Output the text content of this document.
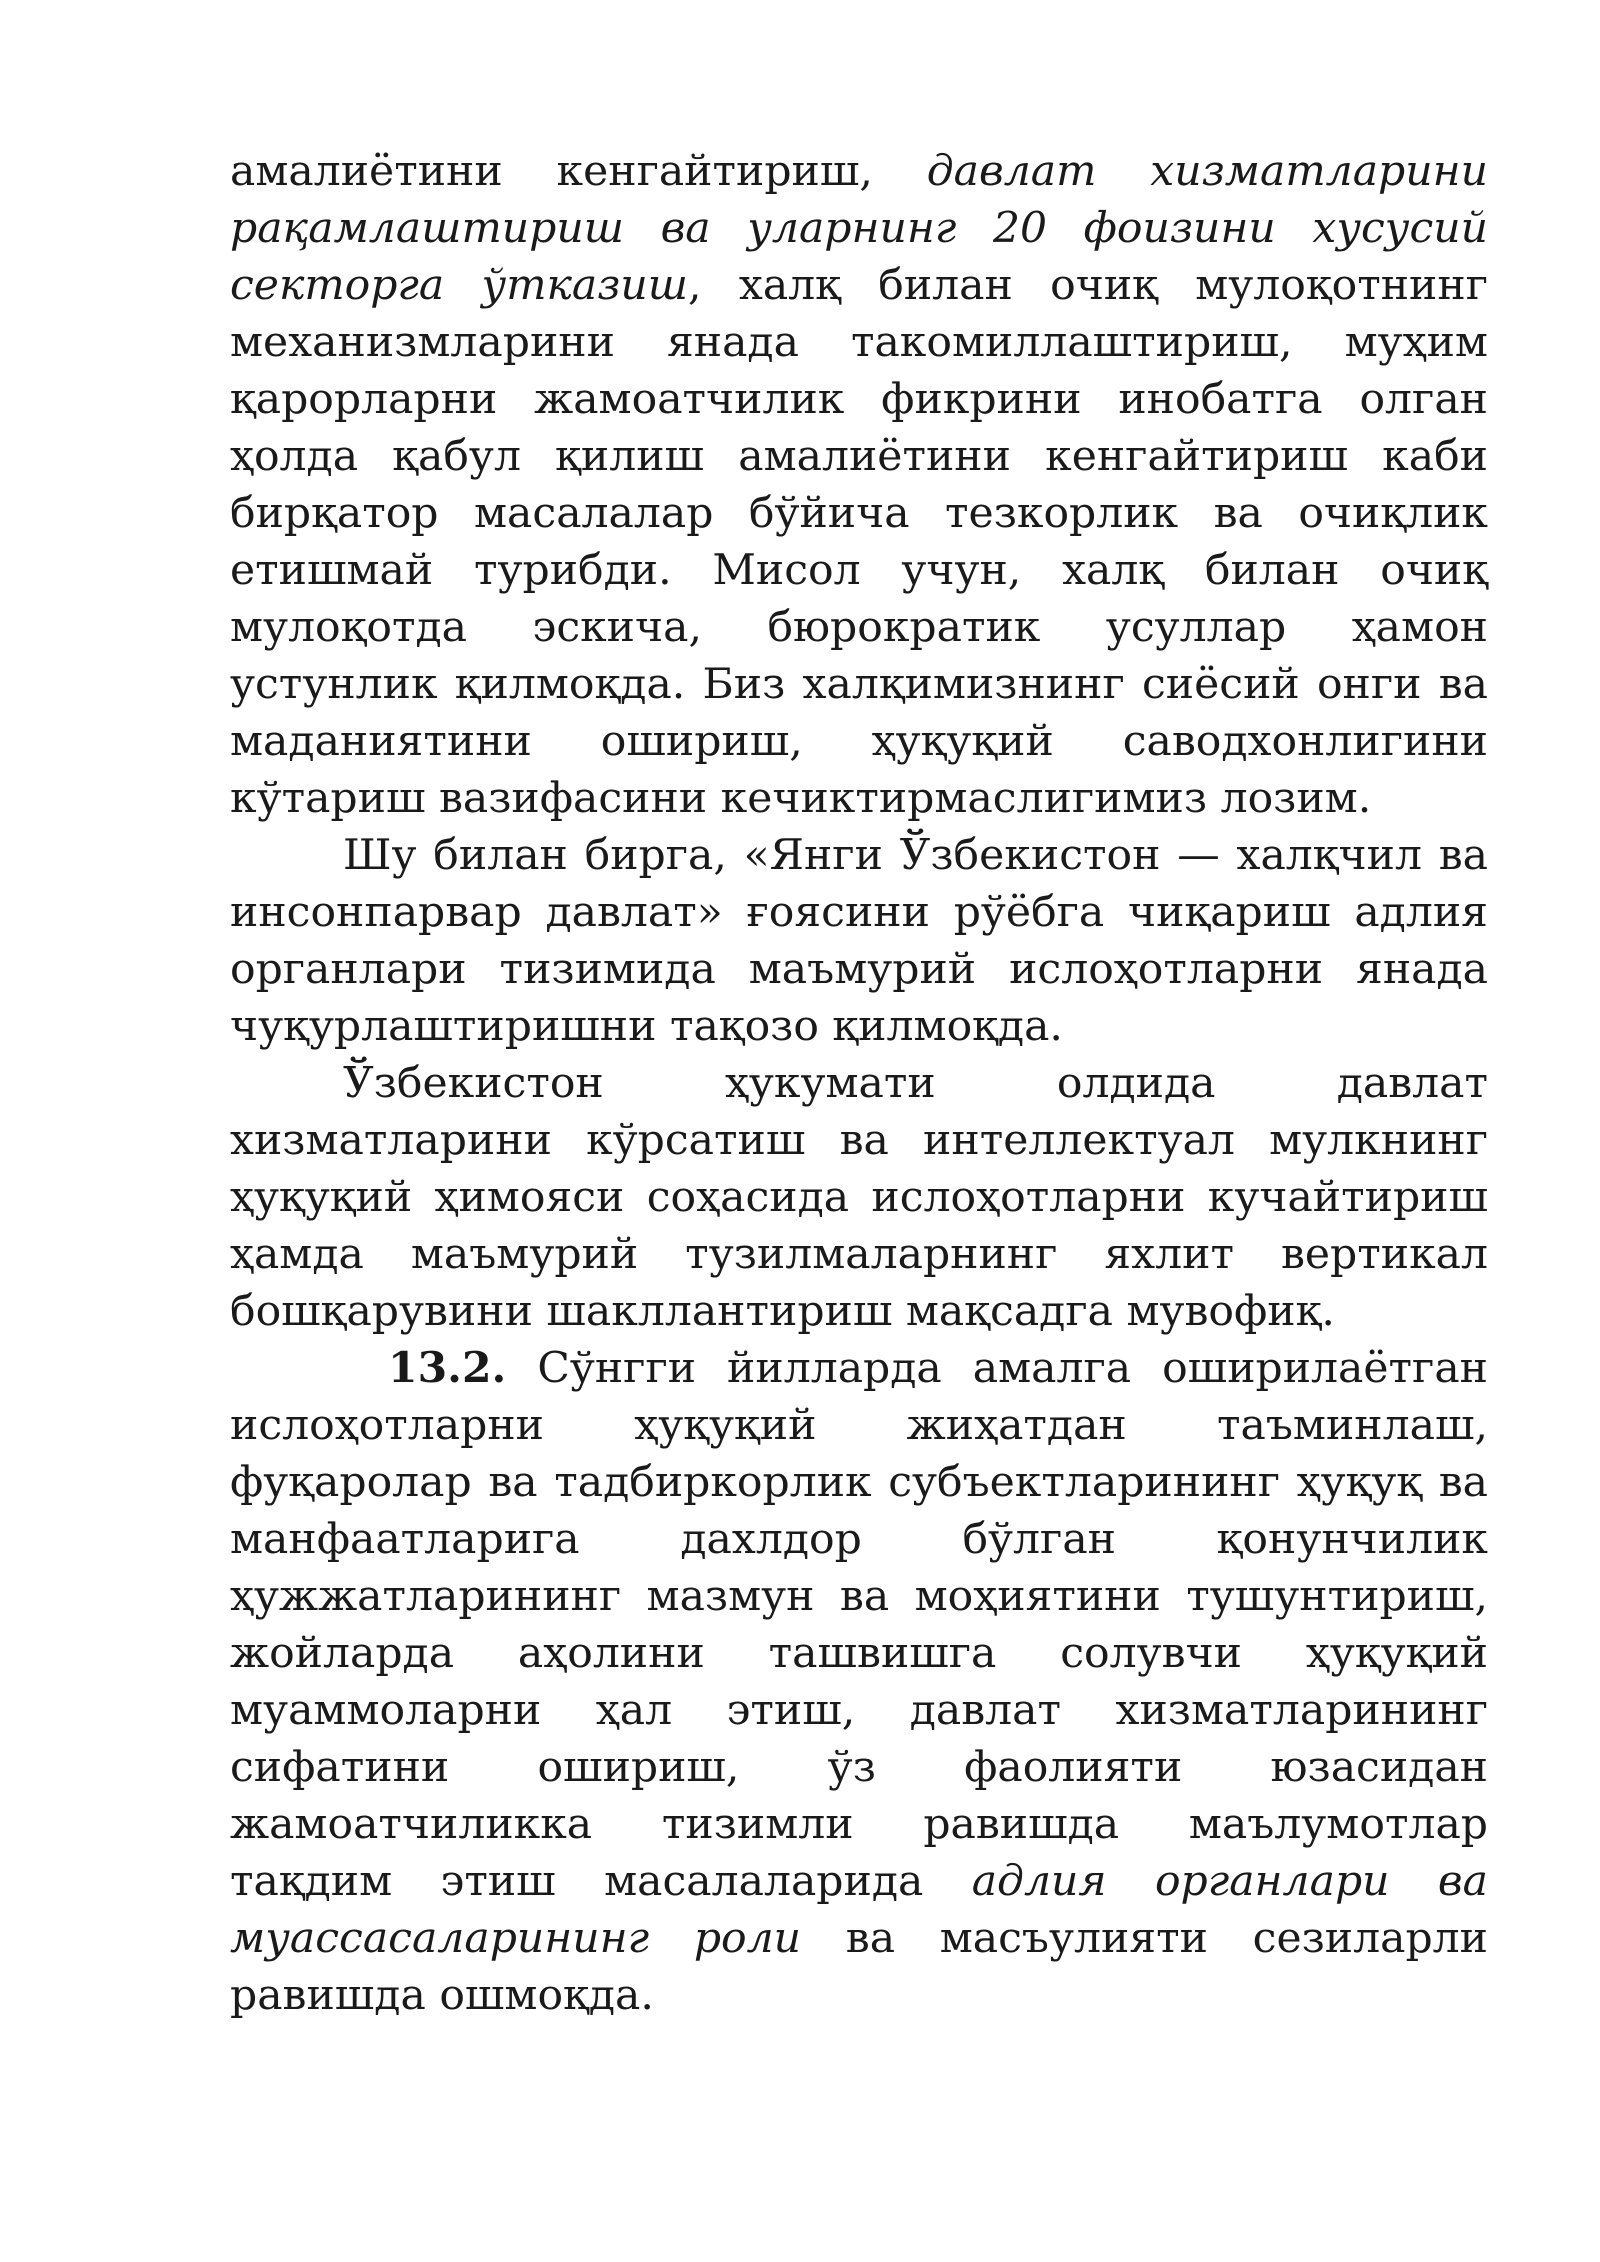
амалиётини кенгайтириш, давлат хизматларини рақамлаштириш ва уларнинг 20 фоизини хусусий секторга ўтказиш, халқ билан очиқ мулоқотнинг механизмларини янада такомиллаштириш, муҳим қарорларни жамоатчилик фикрини инобатга олган ҳолда қабул қилиш амалиётини кенгайтириш каби бирқатор масалалар бўйича тезкорлик ва очиқлик етишмай турибди. Мисол учун, халқ билан очиқ мулоқотда эскича, бюрократик усуллар ҳамон устунлик қилмоқда. Биз халқимизнинг сиёсий онги ва маданиятини ошириш, ҳуқуқий саводхонлигини кўтариш вазифасини кечиктирмаслигимиз лозим.

Шу билан бирга, «Янги Ўзбекистон — халқчил ва инсонпарвар давлат» ғоясини рўёбга чиқариш адлия органлари тизимида маъмурий ислоҳотларни янада чуқурлаштиришни тақозо қилмоқда.

Ўзбекистон ҳукумати олдида давлат хизматларини кўрсатиш ва интеллектуал мулкнинг ҳуқуқий ҳимояси соҳасида ислоҳотларни кучайтириш ҳамда маъмурий тузилмаларнинг яхлит вертикал бошқарувини шакллантириш мақсадга мувофиқ.

13.2. Сўнгги йилларда амалга оширилаётган ислоҳотларни ҳуқуқий жиҳатдан таъминлаш, фуқаролар ва тадбиркорлик субъектларининг ҳуқуқ ва манфаатларига дахлдор бўлган қонунчилик ҳужжатларининг мазмун ва моҳиятини тушунтириш, жойларда аҳолини ташвишга солувчи ҳуқуқий муаммоларни ҳал этиш, давлат хизматларининг сифатини ошириш, ўз фаолияти юзасидан жамоатчиликка тизимли равишда маълумотлар тақдим этиш масалаларида адлия органлари ва муассасаларининг роли ва масъулияти сезиларли равишда ошмоқда.
